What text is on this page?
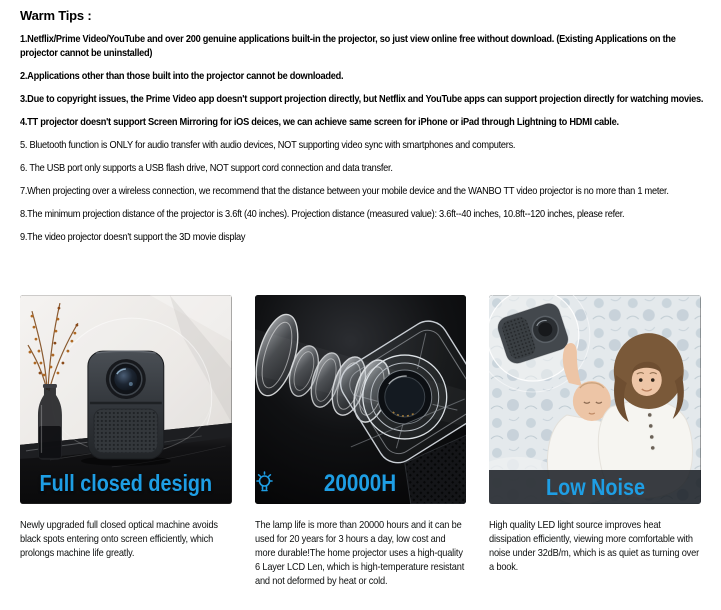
Warm Tips :

1.Netflix/Prime Video/YouTube and over 200 genuine applications built-in the projector, so just view online free without download. (Existing Applications on the projector cannot be uninstalled)

2.Applications other than those built into the projector cannot be downloaded.

3.Due to copyright issues, the Prime Video app doesn't support projection directly, but Netflix and YouTube apps can support projection directly for watching movies.

4.TT projector doesn't support Screen Mirroring for iOS deices, we can achieve same screen for iPhone or iPad through Lightning to HDMI cable.

5. Bluetooth function is ONLY for audio transfer with audio devices, NOT supporting video sync with smartphones and computers.

6. The USB port only supports a USB flash drive, NOT support cord connection and data transfer.

7.When projecting over a wireless connection, we recommend that the distance between your mobile device and the WANBO TT video projector is no more than 1 meter.

8.The minimum projection distance of the projector is 3.6ft (40 inches). Projection distance (measured value): 3.6ft--40 inches, 10.8ft--120 inches, please refer.

9.The video projector doesn't support the 3D movie display

Full closed design
Newly upgraded full closed optical machine avoids black spots entering onto screen efficiently, which prolongs machine life greatly.
20000H
The lamp life is more than 20000 hours and it can be used for 20 years for 3 hours a day, low cost and more durable!The home projector uses a high-quality 6 Layer LCD Len, which is high-temperature resistant and not deformed by heat or cold.
Low Noise
High quality LED light source improves heat dissipation efficiently, viewing more comfortable with noise under 32dB/m, which is as quiet as turning over a book.
